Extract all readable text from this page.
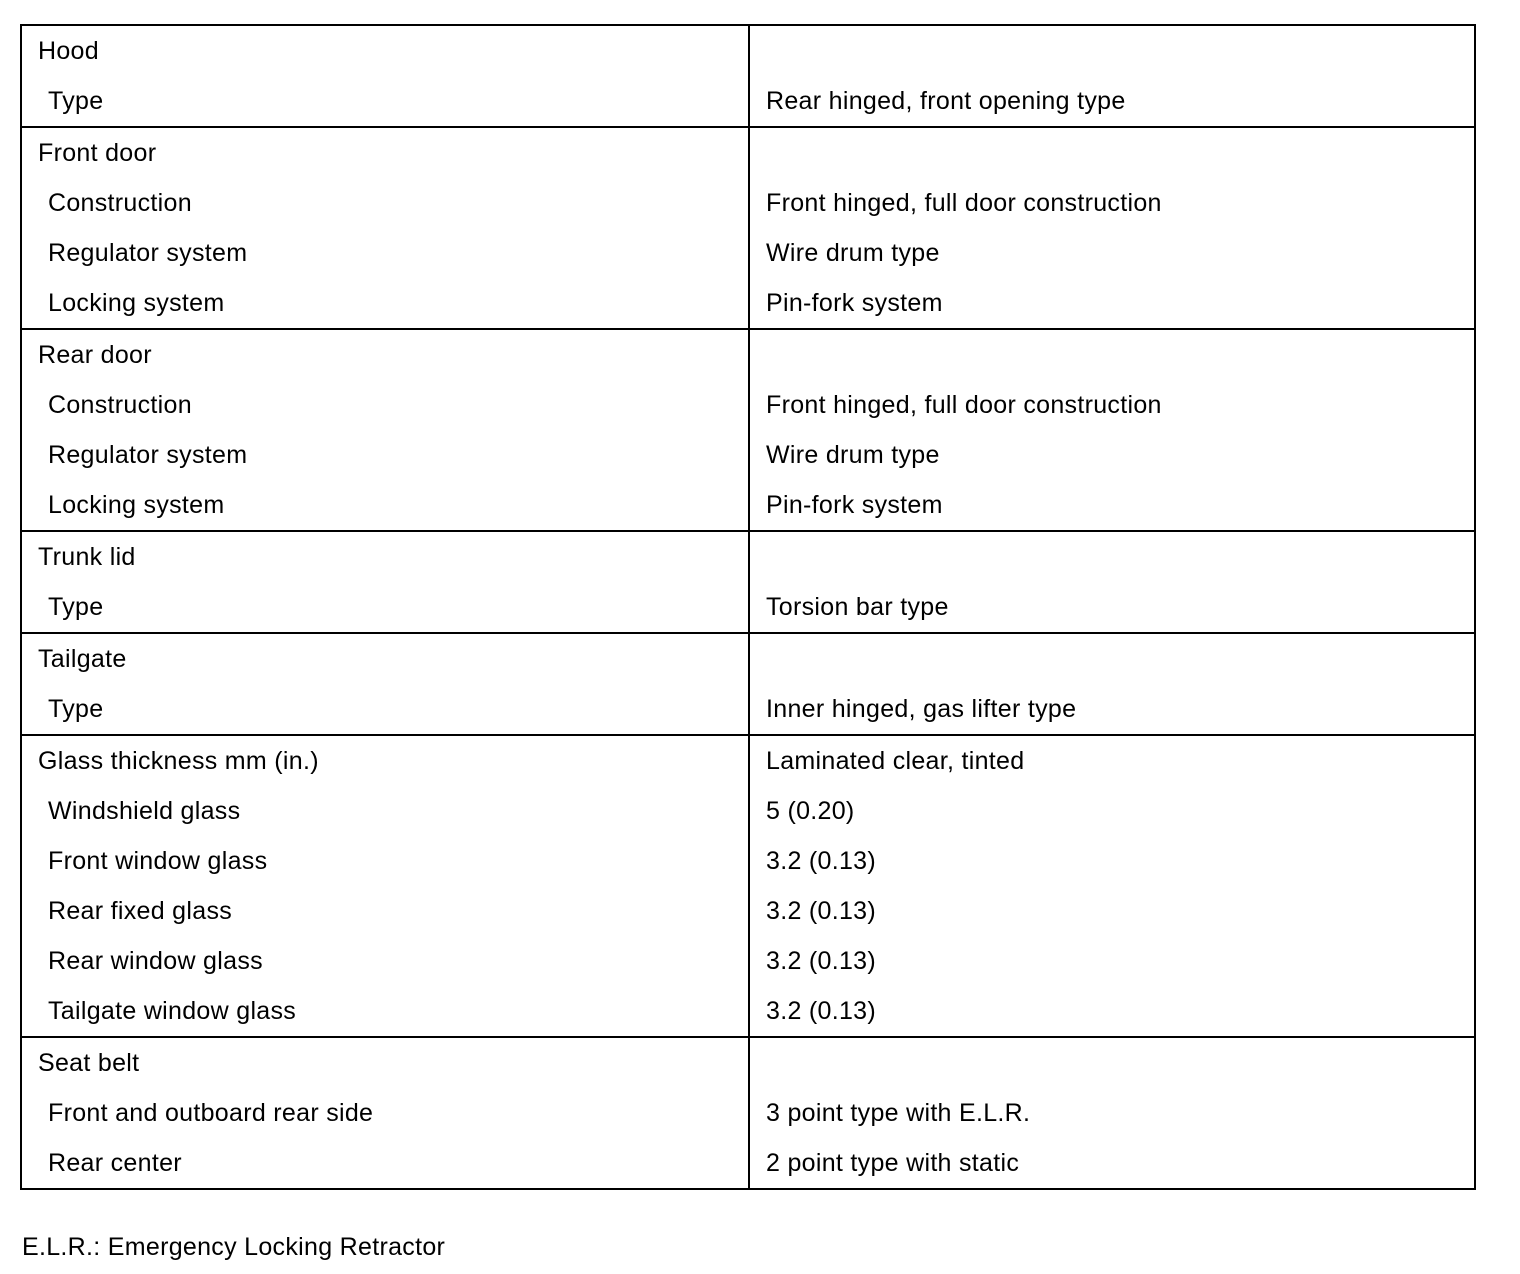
Hood	
Type	Rear hinged, front opening type
Front door	
Construction	Front hinged, full door construction
Regulator system	Wire drum type
Locking system	Pin-fork system
Rear door	
Construction	Front hinged, full door construction
Regulator system	Wire drum type
Locking system	Pin-fork system
Trunk lid	
Type	Torsion bar type
Tailgate	
Type	Inner hinged, gas lifter type
Glass thickness mm (in.)	Laminated clear, tinted
Windshield glass	5 (0.20)
Front window glass	3.2 (0.13)
Rear fixed glass	3.2 (0.13)
Rear window glass	3.2 (0.13)
Tailgate window glass	3.2 (0.13)
Seat belt	
Front and outboard rear side	3 point type with E.L.R.
Rear center	2 point type with static
E.L.R.: Emergency Locking Retractor
